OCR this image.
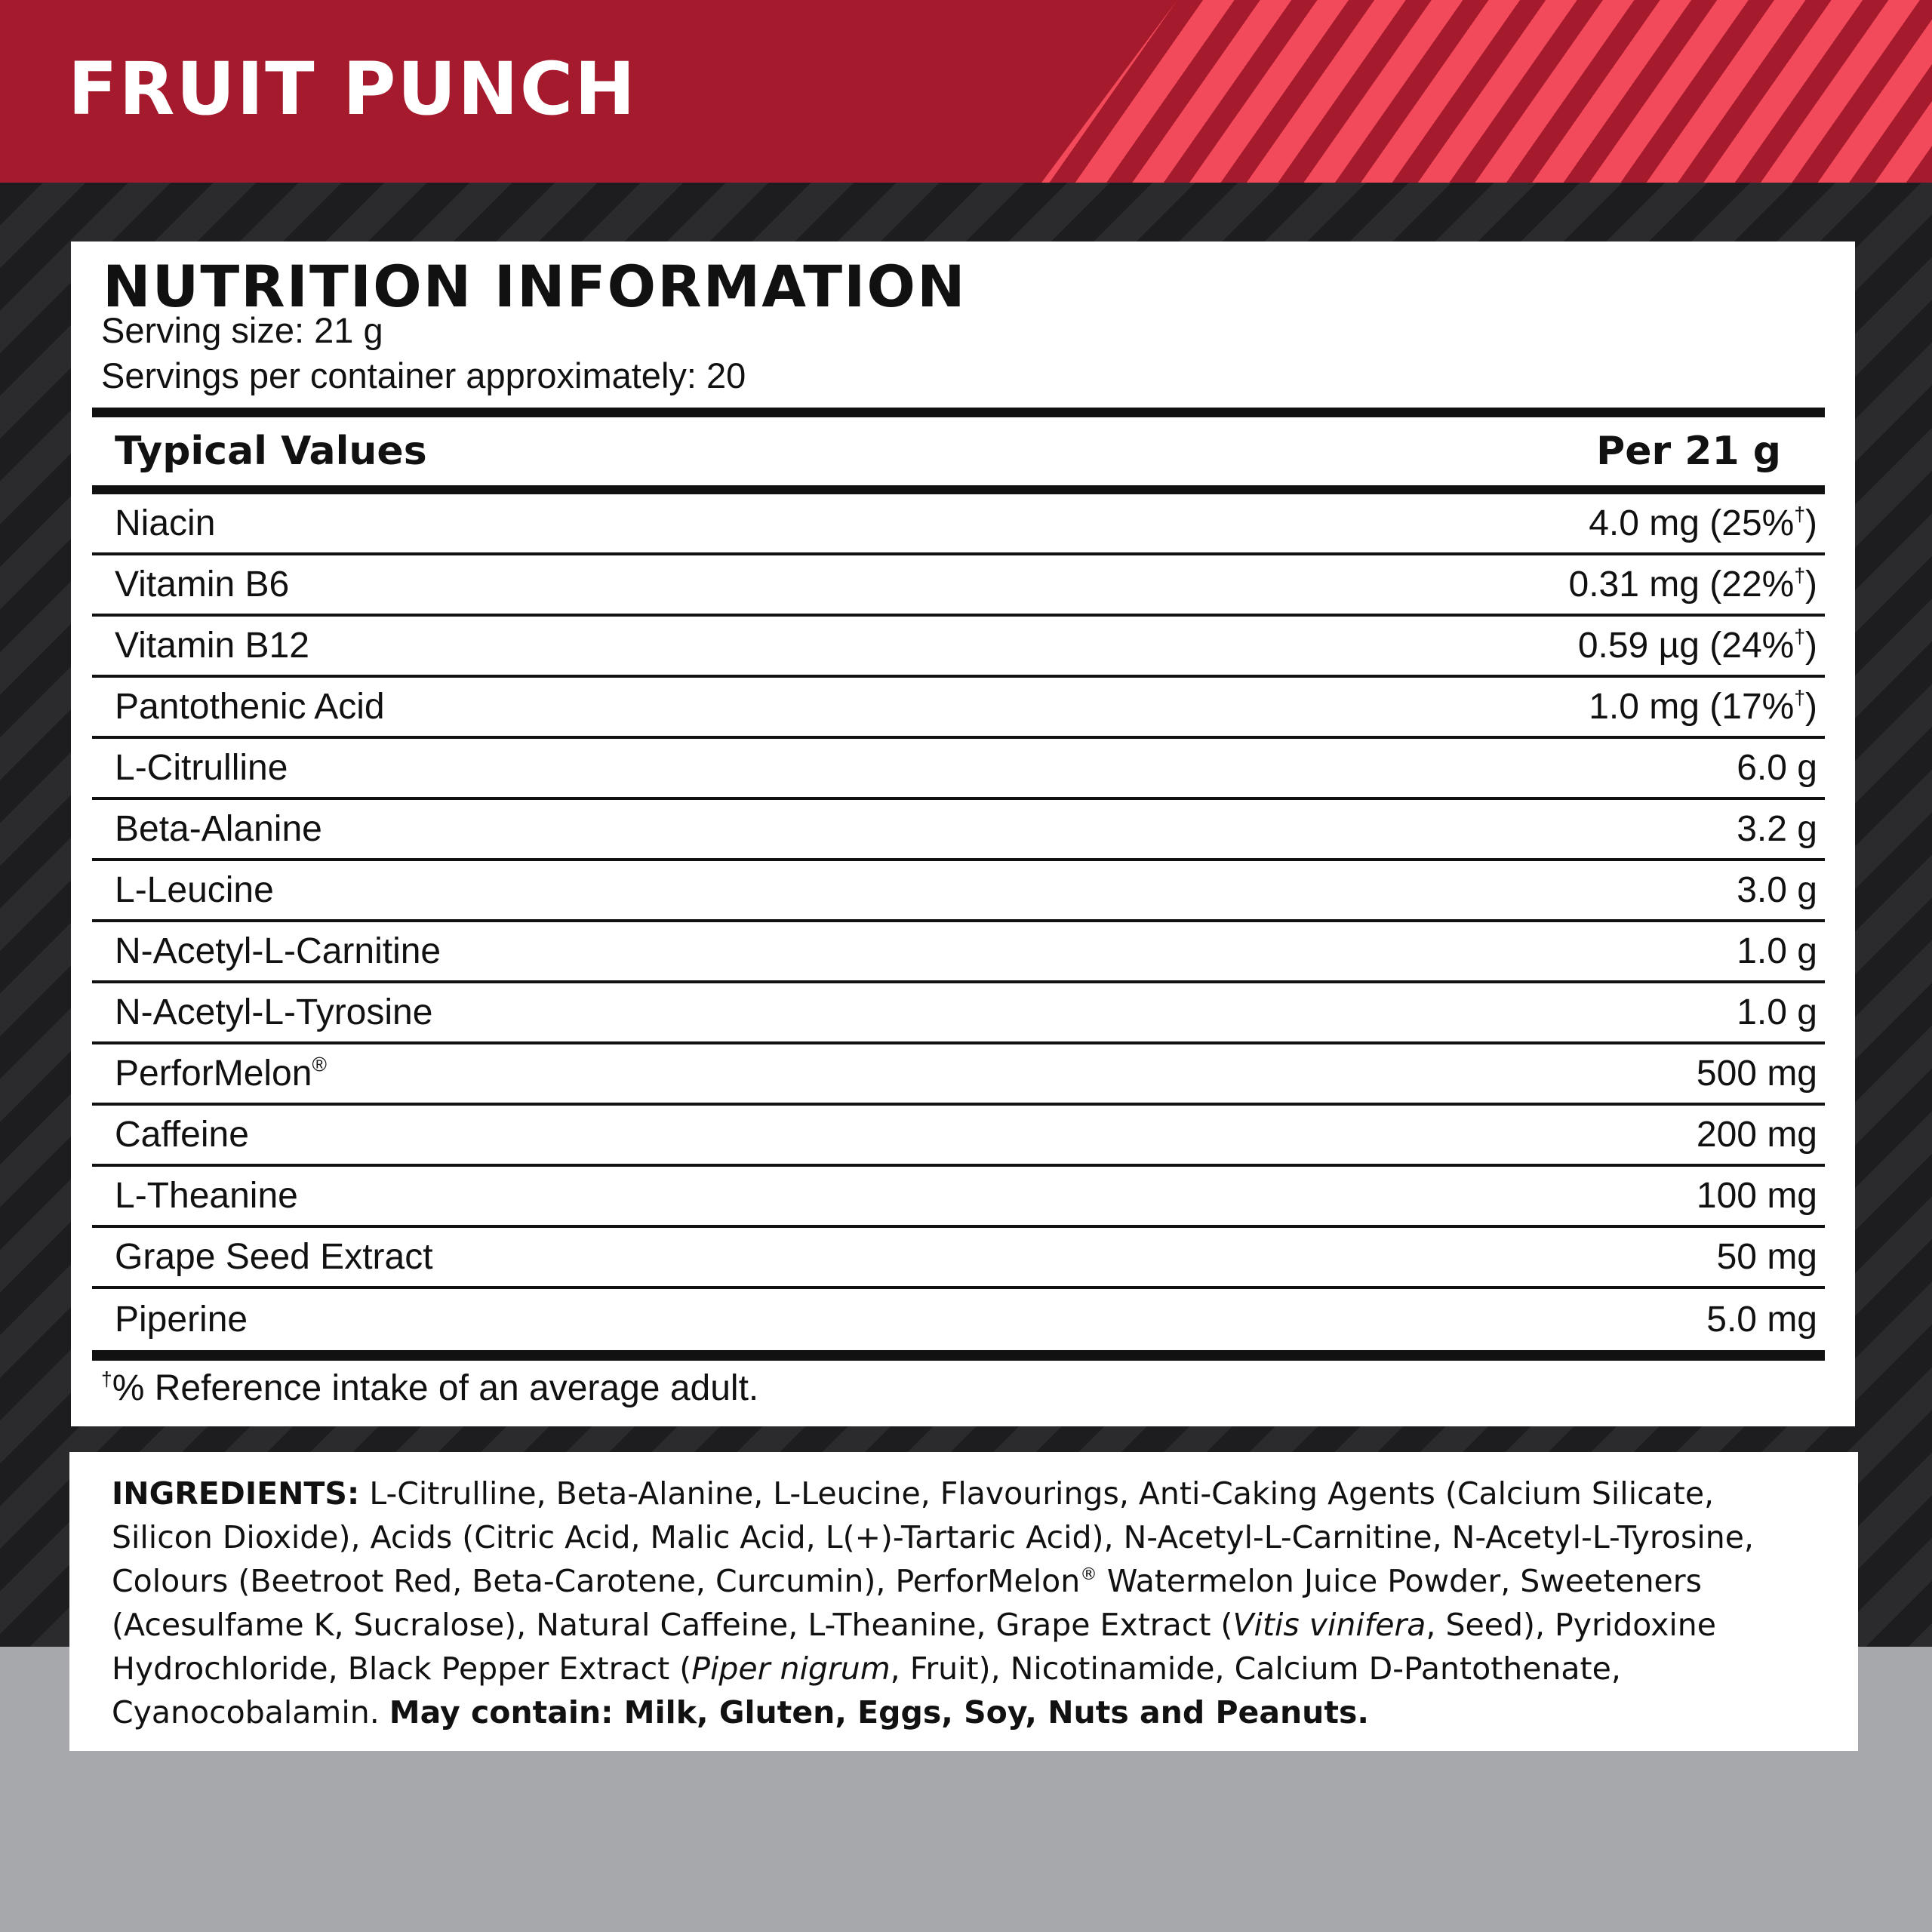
FRUIT PUNCH
NUTRITION INFORMATION
Serving size: 21 g
Servings per container approximately: 20
Typical Values	Per 21 g
Niacin	4.0 mg (25%†)
Vitamin B6	0.31 mg (22%†)
Vitamin B12	0.59 µg (24%†)
Pantothenic Acid	1.0 mg (17%†)
L-Citrulline	6.0 g
Beta-Alanine	3.2 g
L-Leucine	3.0 g
N-Acetyl-L-Carnitine	1.0 g
N-Acetyl-L-Tyrosine	1.0 g
PerforMelon®	500 mg
Caffeine	200 mg
L-Theanine	100 mg
Grape Seed Extract	50 mg
Piperine	5.0 mg
†% Reference intake of an average adult.
INGREDIENTS: L-Citrulline, Beta-Alanine, L-Leucine, Flavourings, Anti-Caking Agents (Calcium Silicate, Silicon Dioxide), Acids (Citric Acid, Malic Acid, L(+)-Tartaric Acid), N-Acetyl-L-Carnitine, N-Acetyl-L-Tyrosine, Colours (Beetroot Red, Beta-Carotene, Curcumin), PerforMelon® Watermelon Juice Powder, Sweeteners (Acesulfame K, Sucralose), Natural Caffeine, L-Theanine, Grape Extract (Vitis vinifera, Seed), Pyridoxine Hydrochloride, Black Pepper Extract (Piper nigrum, Fruit), Nicotinamide, Calcium D-Pantothenate, Cyanocobalamin. May contain: Milk, Gluten, Eggs, Soy, Nuts and Peanuts.
